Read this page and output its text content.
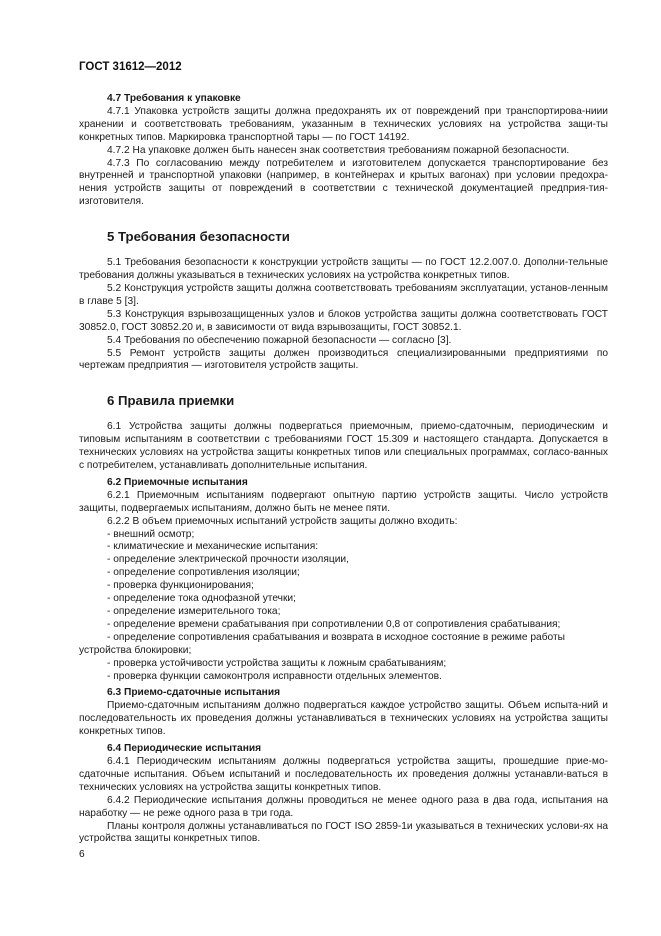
ГОСТ 31612—2012
4.7 Требования к упаковке
4.7.1 Упаковка устройств защиты должна предохранять их от повреждений при транспортирова-ниии хранении и соответствовать требованиям, указанным в технических условиях на устройства защи-ты конкретных типов. Маркировка транспортной тары — по ГОСТ 14192.
4.7.2 На упаковке должен быть нанесен знак соответствия требованиям пожарной безопасности.
4.7.3 По согласованию между потребителем и изготовителем допускается транспортирование без внутренней и транспортной упаковки (например, в контейнерах и крытых вагонах) при условии предохра-нения устройств защиты от повреждений в соответствии с технической документацией предприя-тия-изготовителя.
5 Требования безопасности
5.1 Требования безопасности к конструкции устройств защиты — по ГОСТ 12.2.007.0. Дополни-тельные требования должны указываться в технических условиях на устройства конкретных типов.
5.2 Конструкция устройств защиты должна соответствовать требованиям эксплуатации, установ-ленным в главе 5 [3].
5.3 Конструкция взрывозащищенных узлов и блоков устройства защиты должна соответствовать ГОСТ 30852.0, ГОСТ 30852.20 и, в зависимости от вида взрывозащиты, ГОСТ 30852.1.
5.4 Требования по обеспечению пожарной безопасности — согласно [3].
5.5 Ремонт устройств защиты должен производиться специализированными предприятиями по чертежам предприятия — изготовителя устройств защиты.
6 Правила приемки
6.1 Устройства защиты должны подвергаться приемочным, приемо-сдаточным, периодическим и типовым испытаниям в соответствии с требованиями ГОСТ 15.309 и настоящего стандарта. Допускается в технических условиях на устройства защиты конкретных типов или специальных программах, согласо-ванных с потребителем, устанавливать дополнительные испытания.
6.2 Приемочные испытания
6.2.1 Приемочным испытаниям подвергают опытную партию устройств защиты. Число устройств защиты, подвергаемых испытаниям, должно быть не менее пяти.
6.2.2 В объем приемочных испытаний устройств защиты должно входить:
- внешний осмотр;
- климатические и механические испытания:
- определение электрической прочности изоляции,
- определение сопротивления изоляции;
- проверка функционирования;
- определение тока однофазной утечки;
- определение измерительного тока;
- определение времени срабатывания при сопротивлении 0,8 от сопротивления срабатывания;
- определение сопротивления срабатывания и возврата в исходное состояние в режиме работы
устройства блокировки;
- проверка устойчивости устройства защиты к ложным срабатываниям;
- проверка функции самоконтроля исправности отдельных элементов.
6.3 Приемо-сдаточные испытания
Приемо-сдаточным испытаниям должно подвергаться каждое устройство защиты. Объем испыта-ний и последовательность их проведения должны устанавливаться в технических условиях на устройства защиты конкретных типов.
6.4 Периодические испытания
6.4.1 Периодическим испытаниям должны подвергаться устройства защиты, прошедшие прие-мо-сдаточные испытания. Объем испытаний и последовательность их проведения должны устанавли-ваться в технических условиях на устройства защиты конкретных типов.
6.4.2 Периодические испытания должны проводиться не менее одного раза в два года, испытания на наработку — не реже одного раза в три года.
Планы контроля должны устанавливаться по ГОСТ ISO 2859-1и указываться в технических услови-ях на устройства защиты конкретных типов.
6
